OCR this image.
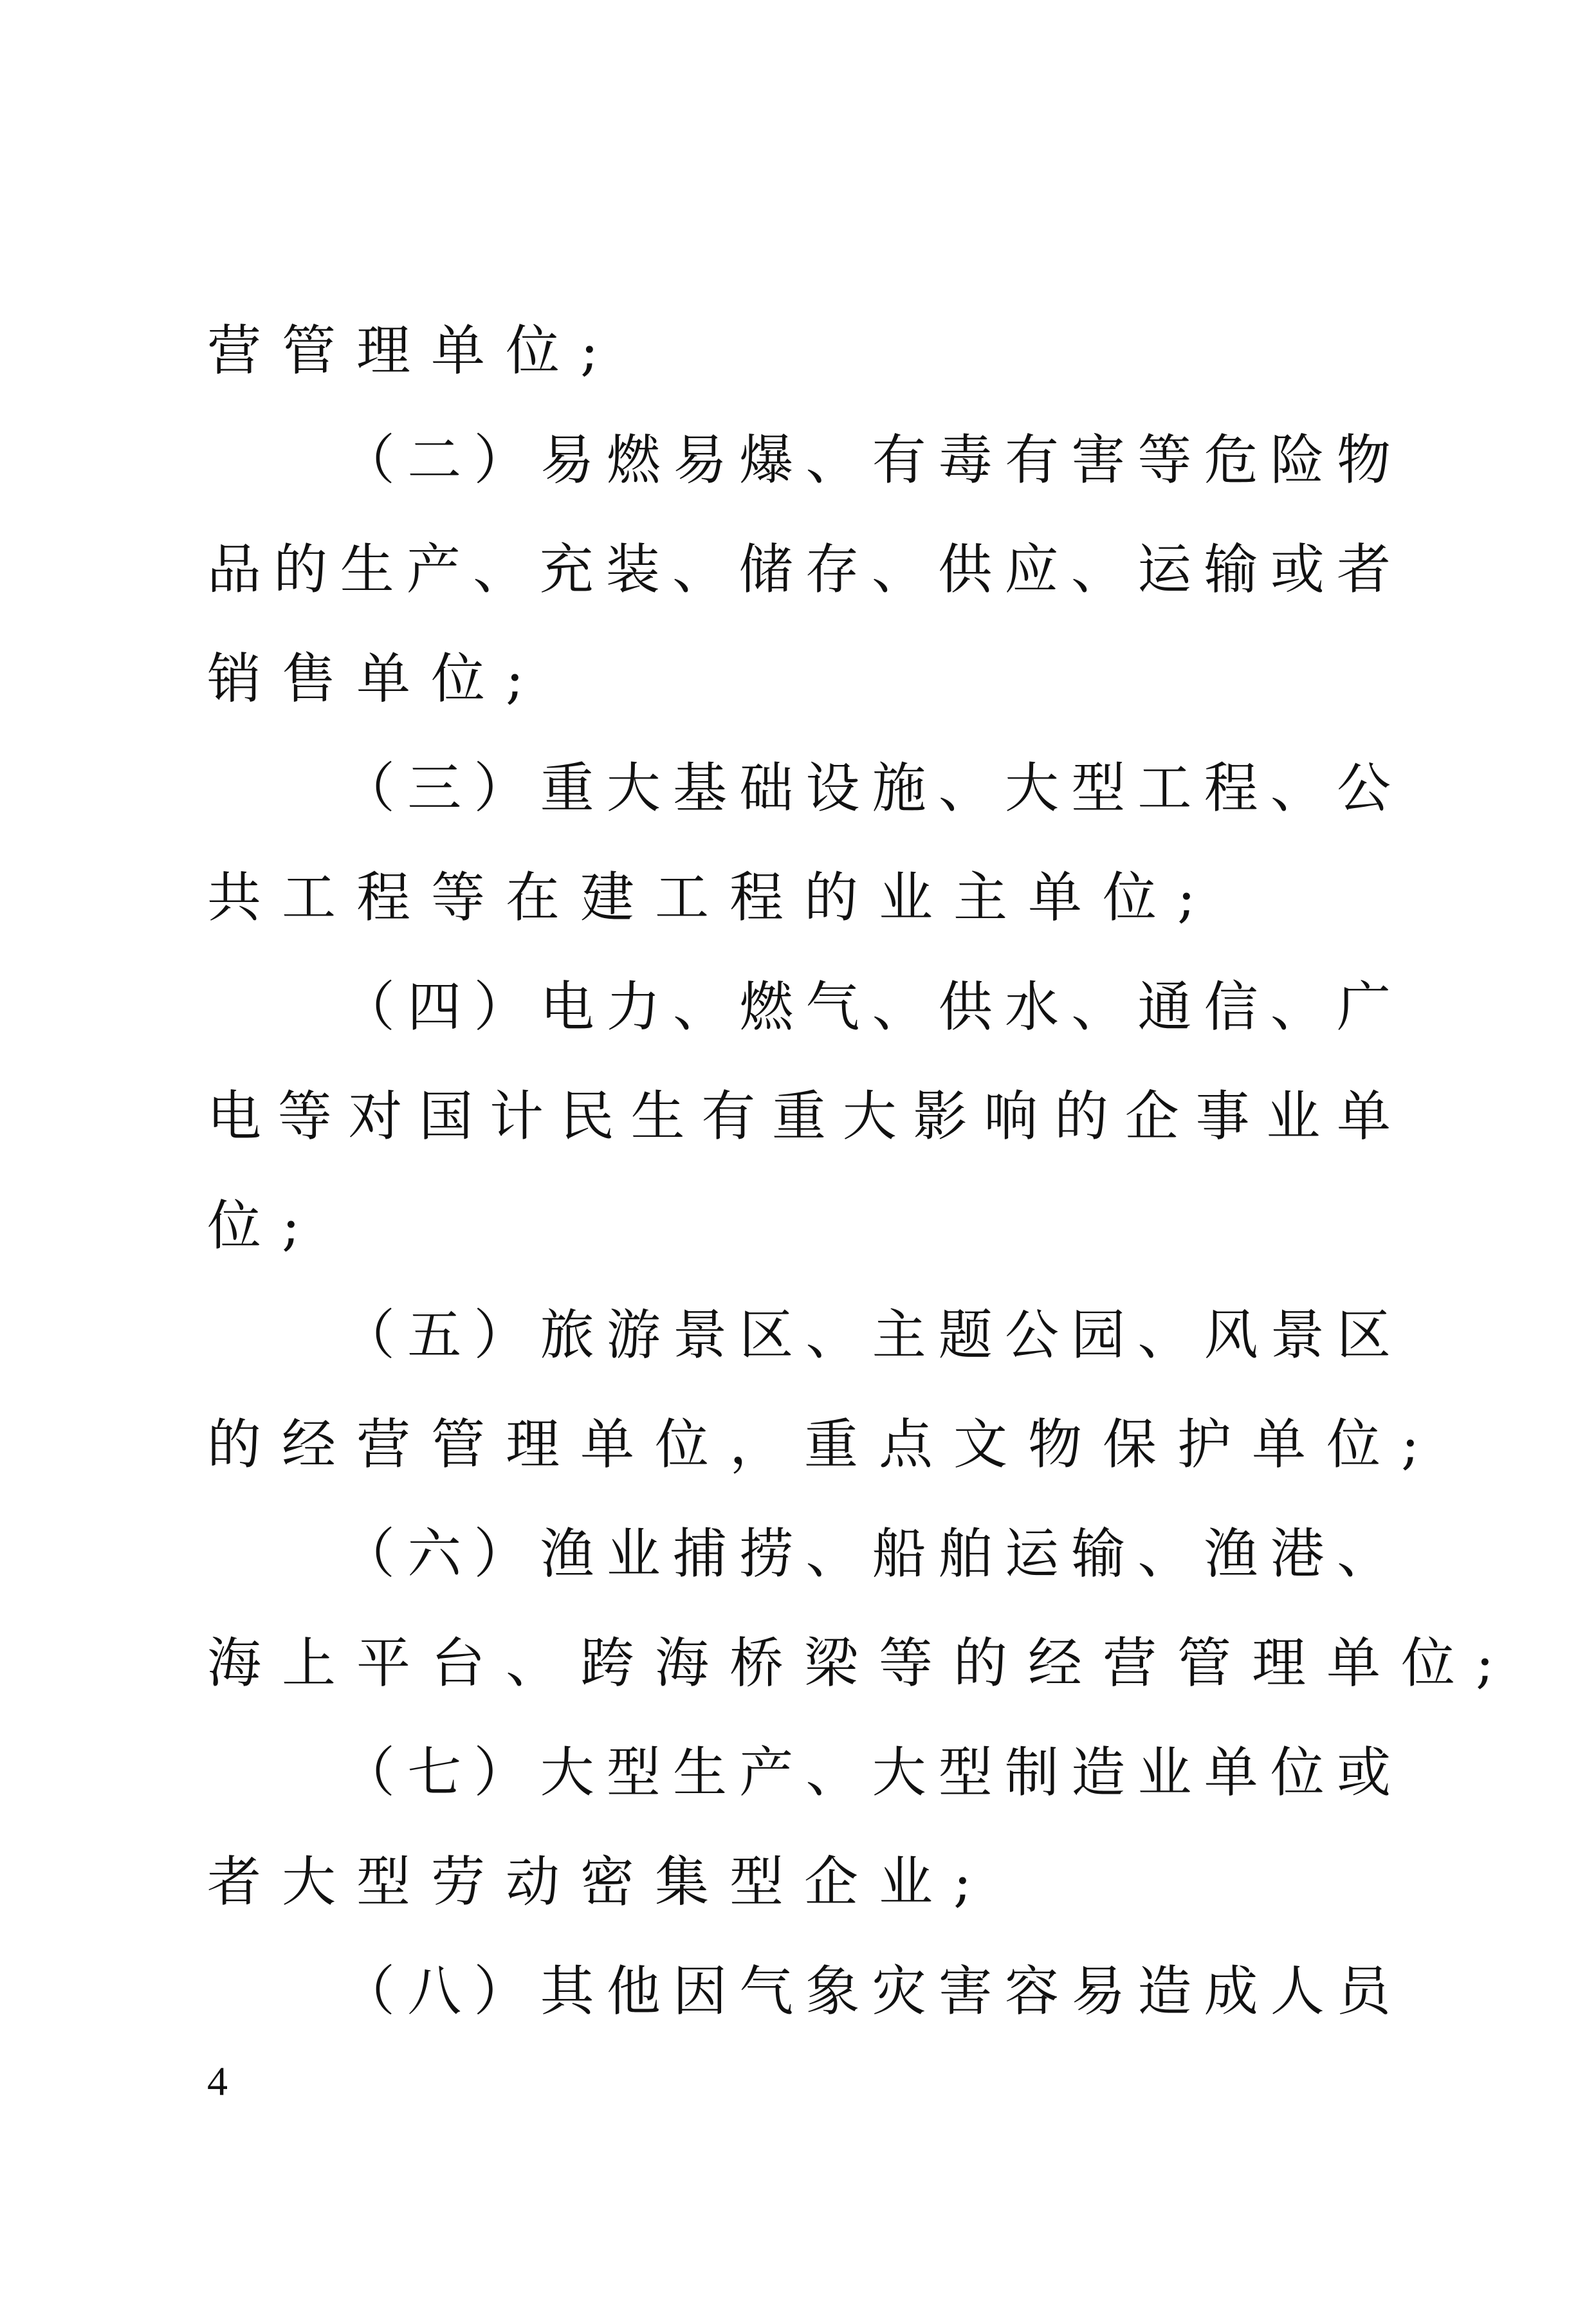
营管理单位;
（二）易燃易爆、有毒有害等危险物
品的生产、充装、储存、供应、运输或者
销售单位;
（三）重大基础设施、大型工程、公
共工程等在建工程的业主单位;
（四）电力、燃气、供水、通信、广
电等对国计民生有重大影响的企事业单
位;
（五）旅游景区、主题公园、风景区
的经营管理单位，重点文物保护单位;
（六）渔业捕捞、船舶运输、渔港、
海上平台、跨海桥梁等的经营管理单位;
（七）大型生产、大型制造业单位或
者大型劳动密集型企业;
（八）其他因气象灾害容易造成人员
4
